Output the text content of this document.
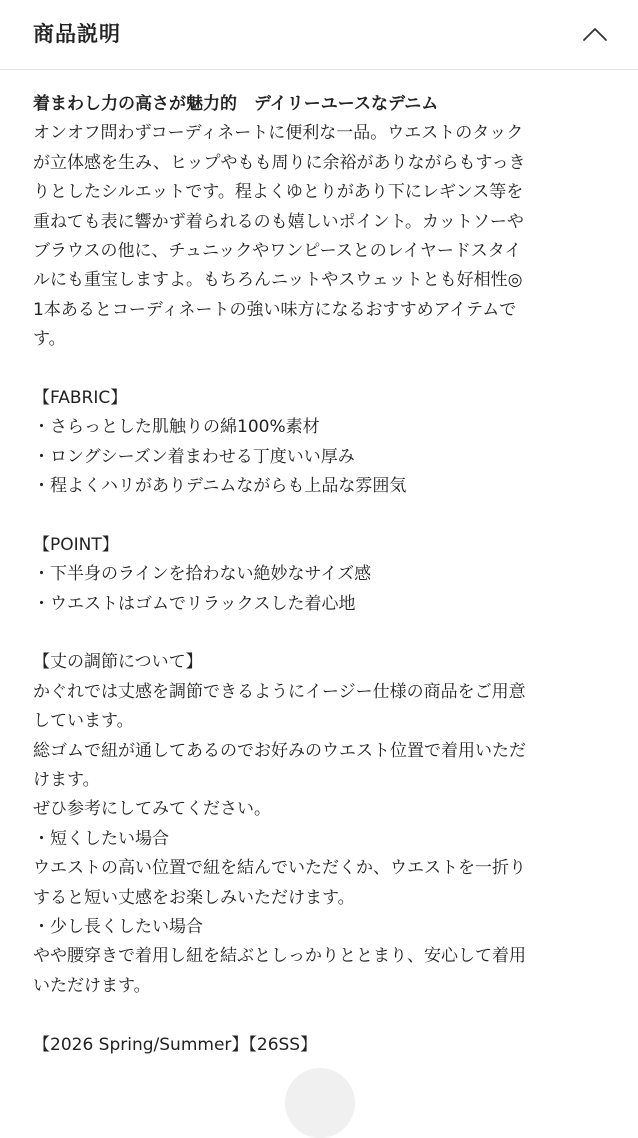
商品説明
着まわし力の高さが魅力的　デイリーユースなデニム
オンオフ問わずコーディネートに便利な一品。ウエストのタック
が立体感を生み、ヒップやもも周りに余裕がありながらもすっき
りとしたシルエットです。程よくゆとりがあり下にレギンス等を
重ねても表に響かず着られるのも嬉しいポイント。カットソーや
ブラウスの他に、チュニックやワンピースとのレイヤードスタイ
ルにも重宝しますよ。もちろんニットやスウェットとも好相性◎
1本あるとコーディネートの強い味方になるおすすめアイテムで
す。
【FABRIC】
・さらっとした肌触りの綿100%素材
・ロングシーズン着まわせる丁度いい厚み
・程よくハリがありデニムながらも上品な雰囲気
【POINT】
・下半身のラインを拾わない絶妙なサイズ感
・ウエストはゴムでリラックスした着心地
【丈の調節について】
かぐれでは丈感を調節できるようにイージー仕様の商品をご用意
しています。
総ゴムで紐が通してあるのでお好みのウエスト位置で着用いただ
けます。
ぜひ参考にしてみてください。
・短くしたい場合
ウエストの高い位置で紐を結んでいただくか、ウエストを一折り
すると短い丈感をお楽しみいただけます。
・少し長くしたい場合
やや腰穿きで着用し紐を結ぶとしっかりととまり、安心して着用
いただけます。
【2026 Spring/Summer】【26SS】
